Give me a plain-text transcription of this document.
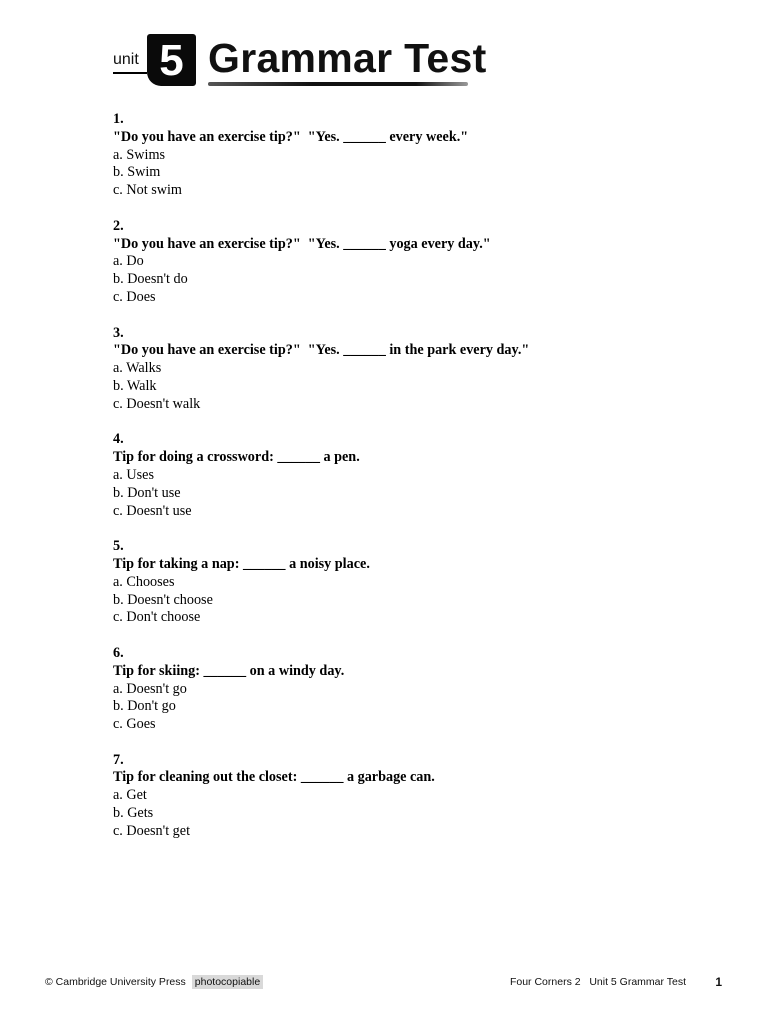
unit 5 Grammar Test
1.
"Do you have an exercise tip?"  "Yes. ______ every week."
a. Swims
b. Swim
c. Not swim
2.
"Do you have an exercise tip?"  "Yes. ______ yoga every day."
a. Do
b. Doesn't do
c. Does
3.
"Do you have an exercise tip?"  "Yes. ______ in the park every day."
a. Walks
b. Walk
c. Doesn't walk
4.
Tip for doing a crossword: ______ a pen.
a. Uses
b. Don't use
c. Doesn't use
5.
Tip for taking a nap: ______ a noisy place.
a. Chooses
b. Doesn't choose
c. Don't choose
6.
Tip for skiing: ______ on a windy day.
a. Doesn't go
b. Don't go
c. Goes
7.
Tip for cleaning out the closet: ______ a garbage can.
a. Get
b. Gets
c. Doesn't get
© Cambridge University Press photocopiable	Four Corners 2   Unit 5 Grammar Test 1
